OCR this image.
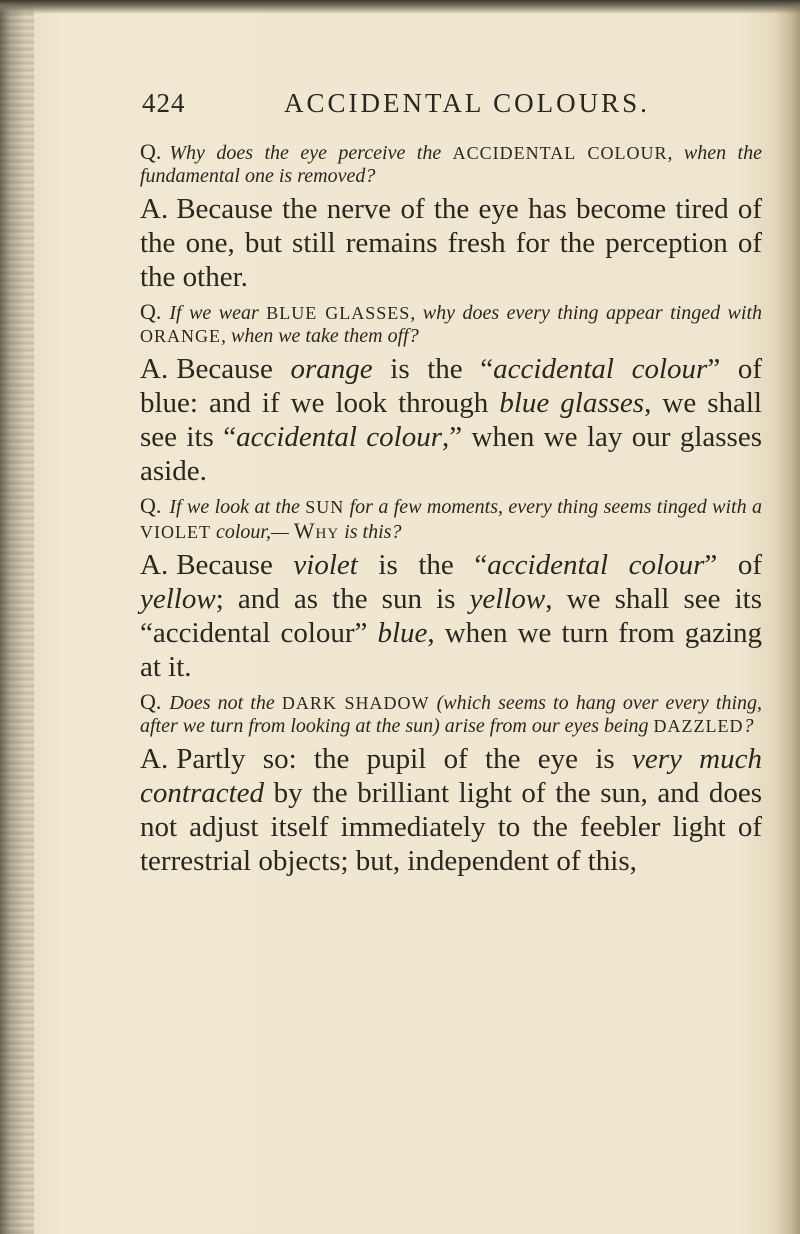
424	ACCIDENTAL COLOURS.

Q. Why does the eye perceive the ACCIDENTAL COLOUR, when the fundamental one is removed?

A. Because the nerve of the eye has become tired of the one, but still remains fresh for the perception of the other.

Q. If we wear BLUE GLASSES, why does every thing appear tinged with ORANGE, when we take them off?

A. Because orange is the “accidental colour” of blue: and if we look through blue glasses, we shall see its “accidental colour,” when we lay our glasses aside.

Q. If we look at the SUN for a few moments, every thing seems tinged with a VIOLET colour,— Why is this?

A. Because violet is the “accidental colour” of yellow; and as the sun is yellow, we shall see its “accidental colour” blue, when we turn from gazing at it.

Q. Does not the DARK SHADOW (which seems to hang over every thing, after we turn from looking at the sun) arise from our eyes being DAZZLED?

A. Partly so: the pupil of the eye is very much contracted by the brilliant light of the sun, and does not adjust itself immediately to the feebler light of terrestrial objects; but, independent of this,
